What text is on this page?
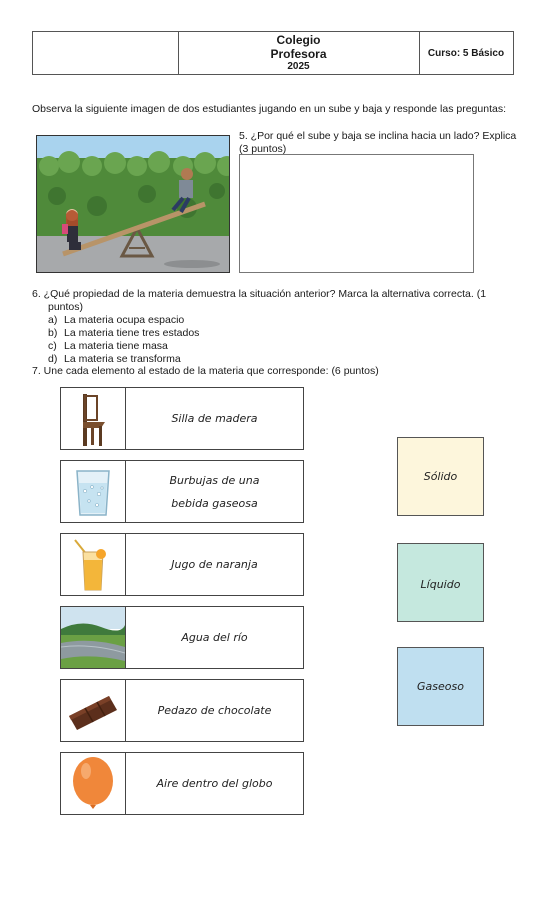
Colegio
Profesora
2025
Curso: 5 Básico
Observa la siguiente imagen de dos estudiantes jugando en un sube y baja y responde las preguntas:
5. ¿Por qué el sube y baja se inclina hacia un lado? Explica
(3 puntos)
6. ¿Qué propiedad de la materia demuestra la situación anterior? Marca la alternativa correcta. (1
puntos)
a) La materia ocupa espacio
b) La materia tiene tres estados
c) La materia tiene masa
d) La materia se transforma
7. Une cada elemento al estado de la materia que corresponde: (6 puntos)
Silla de madera
Burbujas de una
bebida gaseosa
Jugo de naranja
Agua del río
Pedazo de chocolate
Aire dentro del globo
Sólido
Líquido
Gaseoso
